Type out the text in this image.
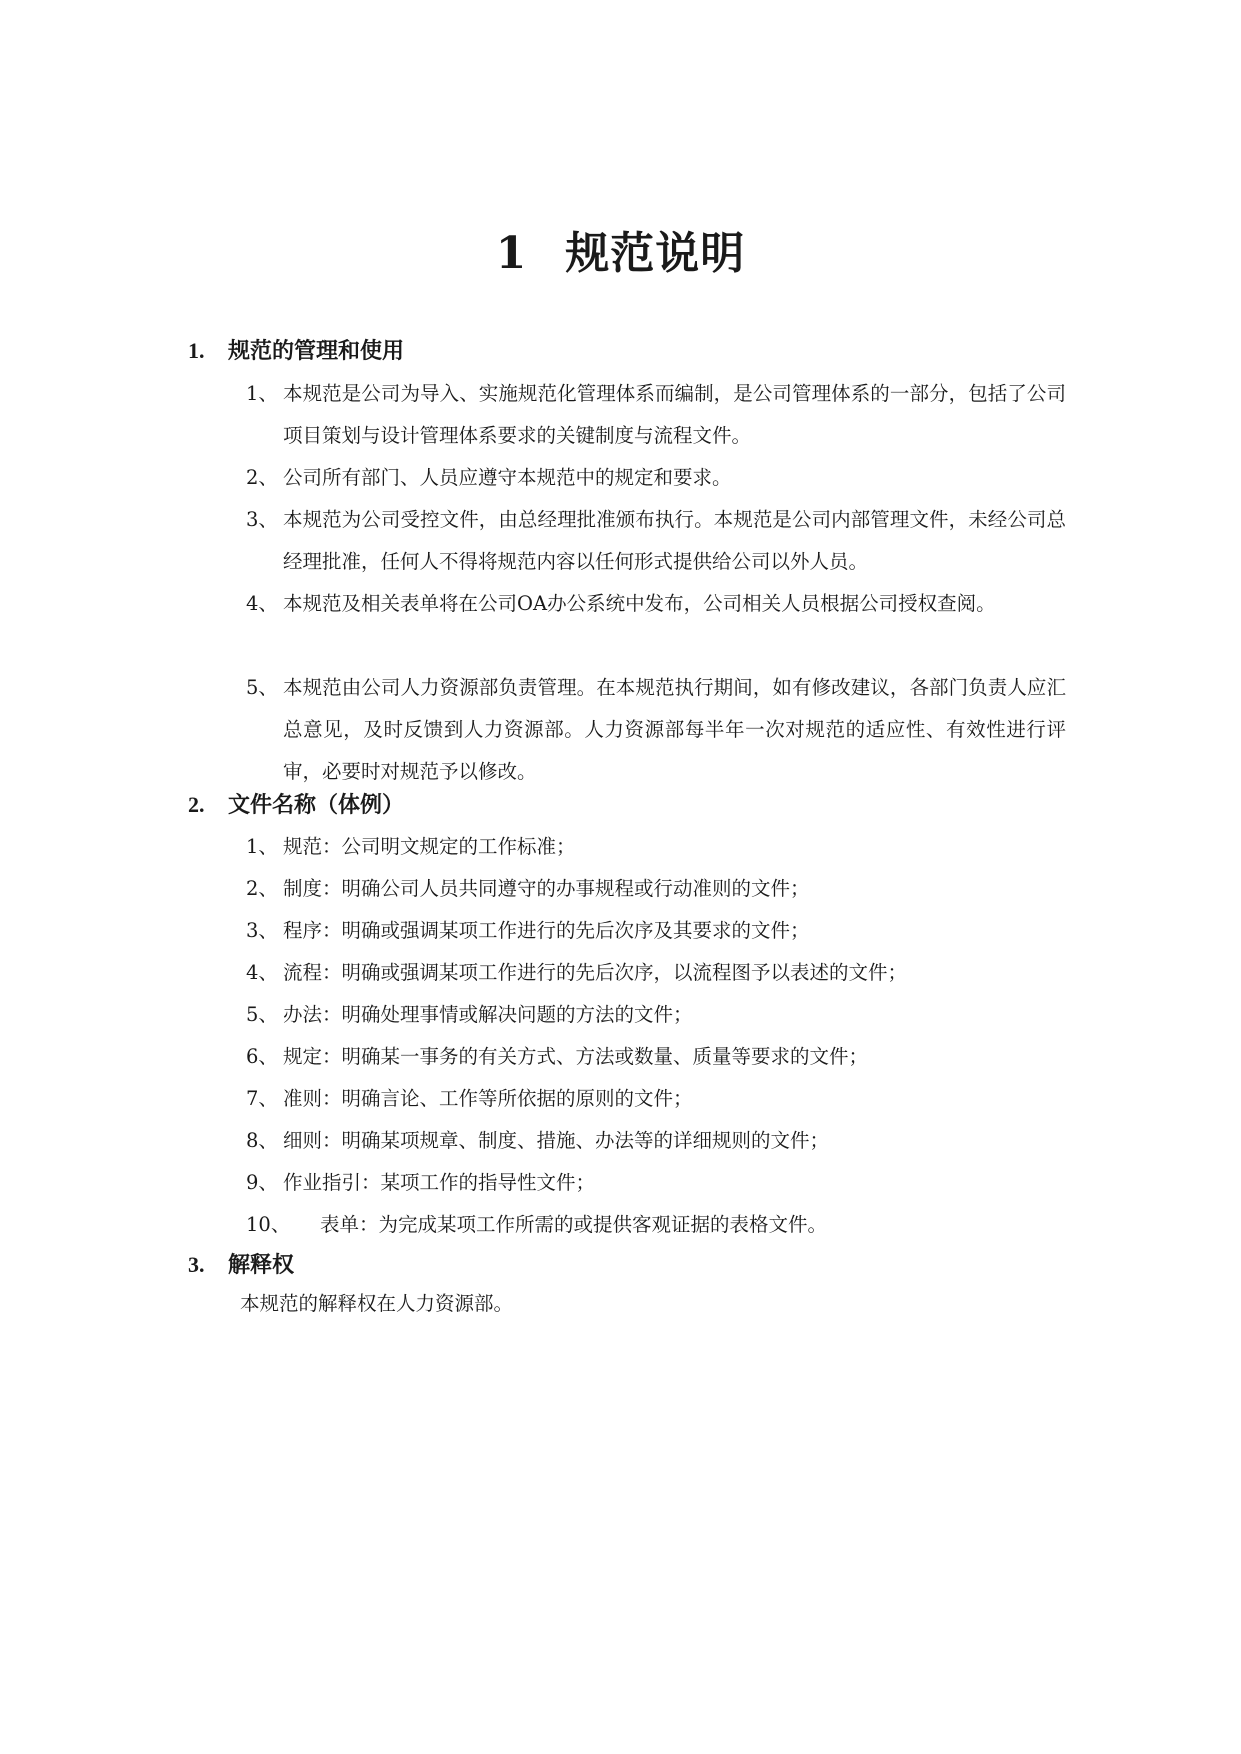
1 规范说明
1. 规范的管理和使用
1、 本规范是公司为导入、实施规范化管理体系而编制，是公司管理体系的一部分，包括了公司项目策划与设计管理体系要求的关键制度与流程文件。
2、 公司所有部门、人员应遵守本规范中的规定和要求。
3、 本规范为公司受控文件，由总经理批准颁布执行。本规范是公司内部管理文件，未经公司总经理批准，任何人不得将规范内容以任何形式提供给公司以外人员。
4、 本规范及相关表单将在公司OA办公系统中发布，公司相关人员根据公司授权查阅。
5、 本规范由公司人力资源部负责管理。在本规范执行期间，如有修改建议，各部门负责人应汇总意见，及时反馈到人力资源部。人力资源部每半年一次对规范的适应性、有效性进行评审，必要时对规范予以修改。
2. 文件名称（体例）
1、 规范：公司明文规定的工作标准；
2、 制度：明确公司人员共同遵守的办事规程或行动准则的文件；
3、 程序：明确或强调某项工作进行的先后次序及其要求的文件；
4、 流程：明确或强调某项工作进行的先后次序，以流程图予以表述的文件；
5、 办法：明确处理事情或解决问题的方法的文件；
6、 规定：明确某一事务的有关方式、方法或数量、质量等要求的文件；
7、 准则：明确言论、工作等所依据的原则的文件；
8、 细则：明确某项规章、制度、措施、办法等的详细规则的文件；
9、 作业指引：某项工作的指导性文件；
10、 表单：为完成某项工作所需的或提供客观证据的表格文件。
3. 解释权
本规范的解释权在人力资源部。
